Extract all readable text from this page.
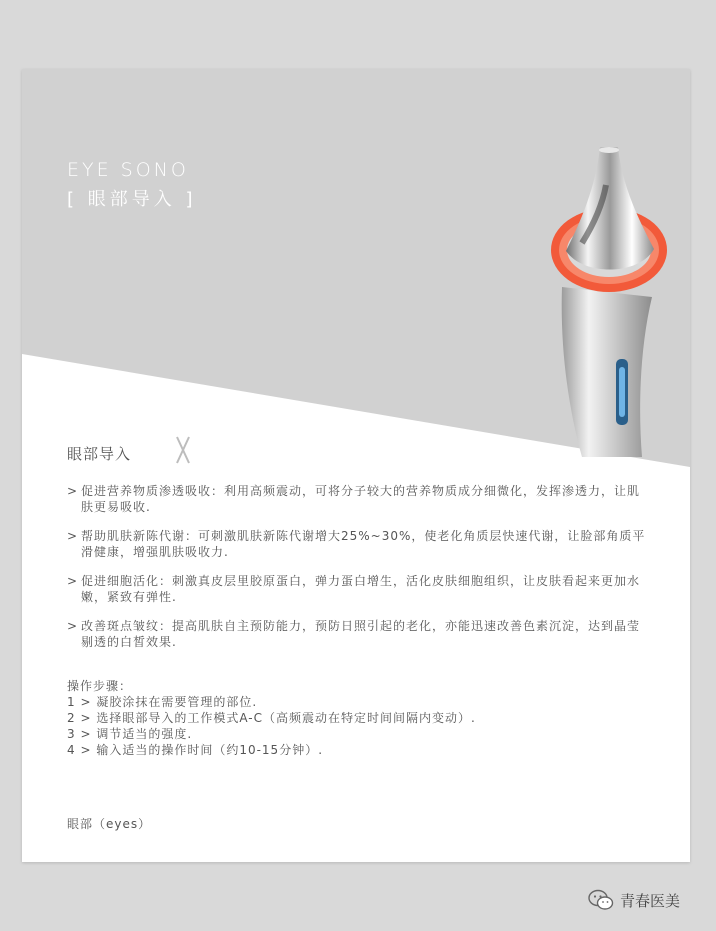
EYE SONO
[ 眼部导入 ]
眼部导入
> 促进营养物质渗透吸收：利用高频震动，可将分子较大的营养物质成分细微化，发挥渗透力，让肌肤更易吸收.
> 帮助肌肤新陈代谢：可刺激肌肤新陈代谢增大25%~30%，使老化角质层快速代谢，让脸部角质平滑健康，增强肌肤吸收力.
> 促进细胞活化：刺激真皮层里胶原蛋白，弹力蛋白增生，活化皮肤细胞组织，让皮肤看起来更加水嫩，紧致有弹性.
> 改善斑点皱纹：提高肌肤自主预防能力，预防日照引起的老化，亦能迅速改善色素沉淀，达到晶莹剔透的白皙效果.
操作步骤：
1 > 凝胶涂抹在需要管理的部位.
2 > 选择眼部导入的工作模式A-C（高频震动在特定时间间隔内变动）.
3 > 调节适当的强度.
4 > 输入适当的操作时间（约10-15分钟）.
眼部（eyes）
青春医美
